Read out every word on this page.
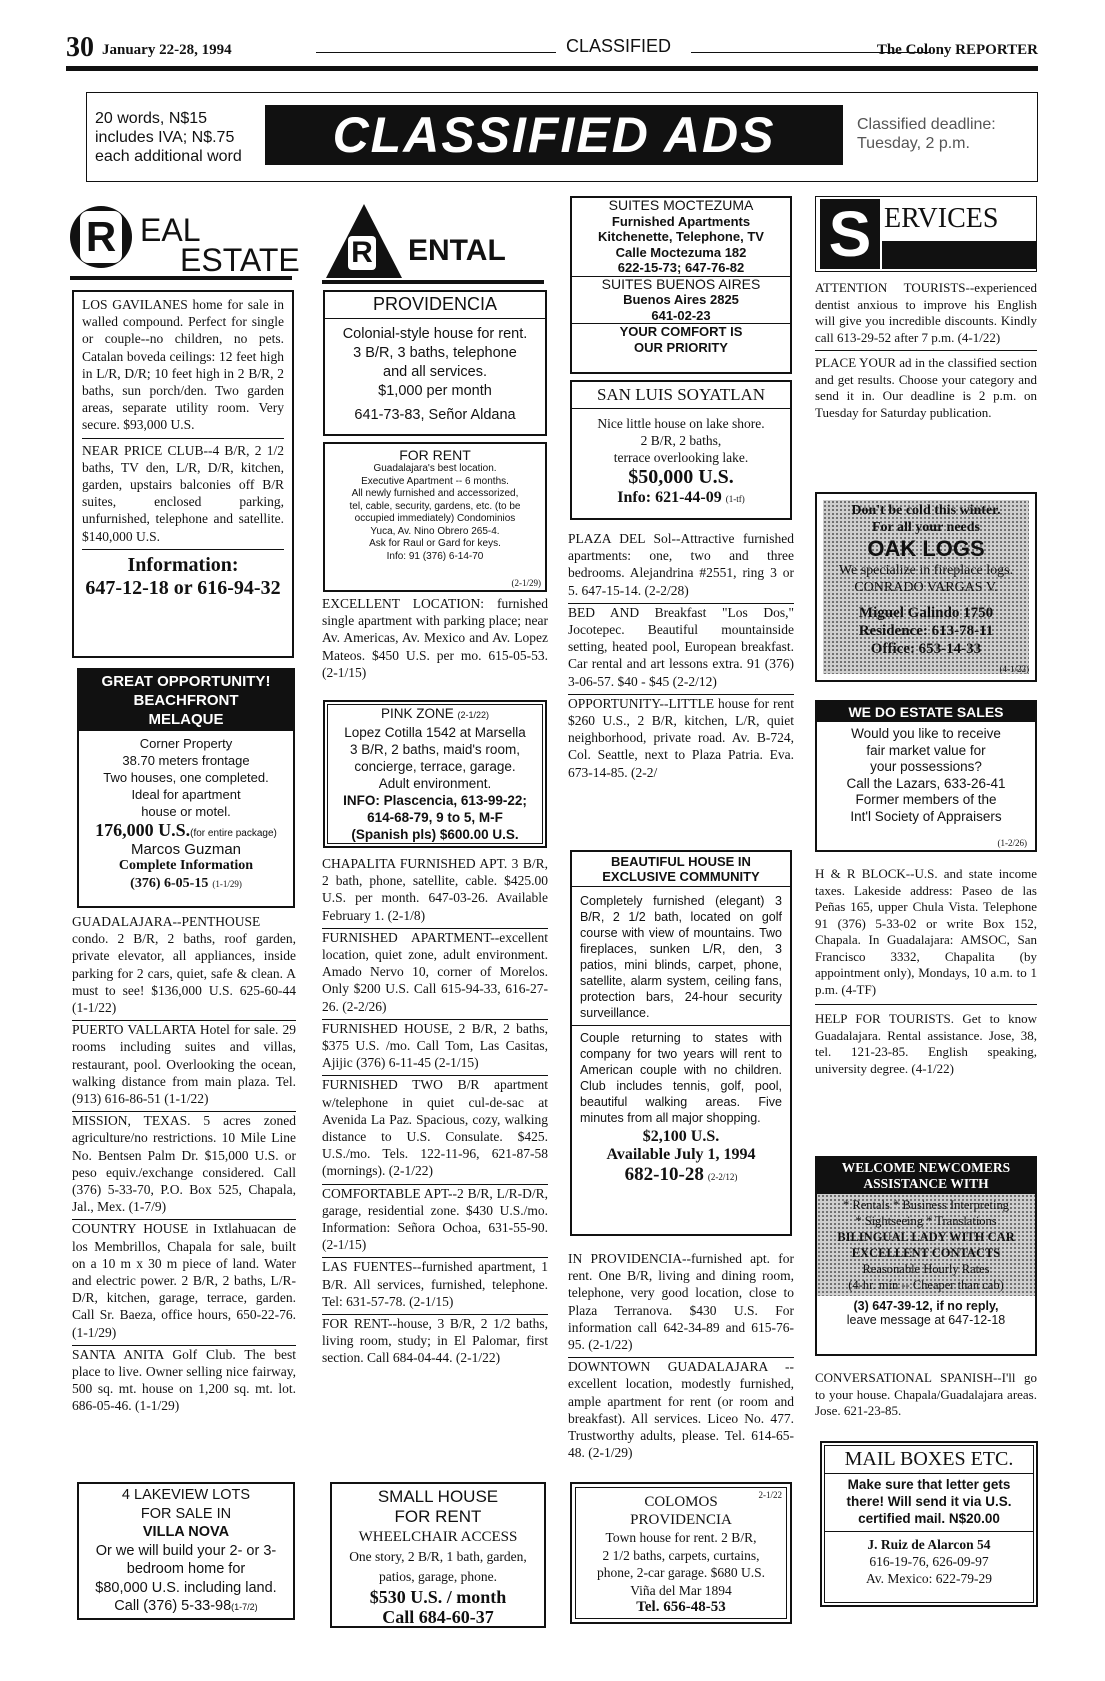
30 January 22-28, 1994	CLASSIFIED	The Colony REPORTER
20 words, N$15
includes IVA; N$.75
each additional word	CLASSIFIED ADS	Classified deadline:
Tuesday, 2 p.m.
R EAL
ESTATE

LOS GAVILANES home for sale in walled compound. Perfect for single or couple--no children, no pets. Catalan boveda ceilings: 12 feet high in L/R, D/R; 10 feet high in 2 B/R, 2 baths, sun porch/den. Two garden areas, separate utility room. Very secure. $93,000 U.S.

NEAR PRICE CLUB--4 B/R, 2 1/2 baths, TV den, L/R, D/R, kitchen, garden, upstairs balconies off B/R suites, enclosed parking, unfurnished, telephone and satellite. $140,000 U.S.

Information:
647-12-18 or 616-94-32
GREAT OPPORTUNITY!
BEACHFRONT
MELAQUE
Corner Property
38.70 meters frontage
Two houses, one completed.
Ideal for apartment
house or motel.
176,000 U.S.(for entire package)
Marcos Guzman
Complete Information
(376) 6-05-15 (1-1/29)

GUADALAJARA--PENTHOUSE condo. 2 B/R, 2 baths, roof garden, private elevator, all appliances, inside parking for 2 cars, quiet, safe & clean. A must to see! $136,000 U.S. 625-60-44 (1-1/22)

PUERTO VALLARTA Hotel for sale. 29 rooms including suites and villas, restaurant, pool. Overlooking the ocean, walking distance from main plaza. Tel. (913) 616-86-51 (1-1/22)

MISSION, TEXAS. 5 acres zoned agriculture/no restrictions. 10 Mile Line No. Bentsen Palm Dr. $15,000 U.S. or peso equiv./exchange considered. Call (376) 5-33-70, P.O. Box 525, Chapala, Jal., Mex. (1-7/9)

COUNTRY HOUSE in Ixtlahuacan de los Membrillos, Chapala for sale, built on a 10 m x 30 m piece of land. Water and electric power. 2 B/R, 2 baths, L/R-D/R, kitchen, garage, terrace, garden. Call Sr. Baeza, office hours, 650-22-76. (1-1/29)

SANTA ANITA Golf Club. The best place to live. Owner selling nice fairway, 500 sq. mt. house on 1,200 sq. mt. lot. 686-05-46. (1-1/29)

4 LAKEVIEW LOTS
FOR SALE IN
VILLA NOVA
Or we will build your 2- or 3-
bedroom home for
$80,000 U.S. including land.
Call (376) 5-33-98(1-7/2)
R ENTAL
PROVIDENCIA
Colonial-style house for rent.
3 B/R, 3 baths, telephone
and all services.
$1,000 per month
641-73-83, Señor Aldana
FOR RENT
Guadalajara's best location.
Executive Apartment -- 6 months.
All newly furnished and accessorized,
tel, cable, security, gardens, etc. (to be
occupied immediately) Condominios
Yuca, Av. Nino Obrero 265-4.
Ask for Raul or Gard for keys.
Info: 91 (376) 6-14-70
(2-1/29)

EXCELLENT LOCATION: furnished single apartment with parking place; near Av. Americas, Av. Mexico and Av. Lopez Mateos. $450 U.S. per mo. 615-05-53. (2-1/15)

PINK ZONE (2-1/22)
Lopez Cotilla 1542 at Marsella
3 B/R, 2 baths, maid's room,
concierge, terrace, garage.
Adult environment.
INFO: Plascencia, 613-99-22;
614-68-79, 9 to 5, M-F
(Spanish pls) $600.00 U.S.

CHAPALITA FURNISHED APT. 3 B/R, 2 bath, phone, satellite, cable. $425.00 U.S. per month. 647-03-26. Available February 1. (2-1/8)

FURNISHED APARTMENT--excellent location, quiet zone, adult environment. Amado Nervo 10, corner of Morelos. Only $200 U.S. Call 615-94-33, 616-27-26. (2-2/26)

FURNISHED HOUSE, 2 B/R, 2 baths, $375 U.S. /mo. Call Tom, Las Casitas, Ajijic (376) 6-11-45 (2-1/15)

FURNISHED TWO B/R apartment w/telephone in quiet cul-de-sac at Avenida La Paz. Spacious, cozy, walking distance to U.S. Consulate. $425. U.S./mo. Tels. 122-11-96, 621-87-58 (mornings). (2-1/22)

COMFORTABLE APT--2 B/R, L/R-D/R, garage, residential zone. $430 U.S./mo. Information: Señora Ochoa, 631-55-90. (2-1/15)

LAS FUENTES--furnished apartment, 1 B/R. All services, furnished, telephone. Tel: 631-57-78. (2-1/15)

FOR RENT--house, 3 B/R, 2 1/2 baths, living room, study; in El Palomar, first section. Call 684-04-44. (2-1/22)

SMALL HOUSE
FOR RENT
WHEELCHAIR ACCESS
One story, 2 B/R, 1 bath, garden,
patios, garage, phone.
$530 U.S. / month
Call 684-60-37
SUITES MOCTEZUMA
Furnished Apartments
Kitchenette, Telephone, TV
Calle Moctezuma 182
622-15-73; 647-76-82
SUITES BUENOS AIRES
Buenos Aires 2825
641-02-23
YOUR COMFORT IS
OUR PRIORITY
SAN LUIS SOYATLAN
Nice little house on lake shore.
2 B/R, 2 baths,
terrace overlooking lake.
$50,000 U.S.
Info: 621-44-09 (1-tf)

PLAZA DEL Sol--Attractive furnished apartments: one, two and three bedrooms. Alejandrina #2551, ring 3 or 5. 647-15-14. (2-2/28)

BED AND Breakfast "Los Dos," Jocotepec. Beautiful mountainside setting, heated pool, European breakfast. Car rental and art lessons extra. 91 (376) 3-06-57. $40 - $45 (2-2/12)

OPPORTUNITY--LITTLE house for rent $260 U.S., 2 B/R, kitchen, L/R, quiet neighborhood, private road. Av. B-724, Col. Seattle, next to Plaza Patria. Eva. 673-14-85. (2-2/

BEAUTIFUL HOUSE IN
EXCLUSIVE COMMUNITY

Completely furnished (elegant) 3 B/R, 2 1/2 bath, located on golf course with view of mountains. Two fireplaces, sunken L/R, den, 3 patios, mini blinds, carpet, phone, satellite, alarm system, ceiling fans, protection bars, 24-hour security surveillance.

Couple returning to states with company for two years will rent to American couple with no children. Club includes tennis, golf, pool, beautiful walking areas. Five minutes from all major shopping.

$2,100 U.S.
Available July 1, 1994
682-10-28 (2-2/12)

IN PROVIDENCIA--furnished apt. for rent. One B/R, living and dining room, telephone, very good location, close to Plaza Terranova. $430 U.S. For information call 642-34-89 and 615-76-95. (2-1/22)

DOWNTOWN GUADALAJARA --excellent location, modestly furnished, ample apartment for rent (or room and breakfast). All services. Liceo No. 477. Trustworthy adults, please. Tel. 614-65-48. (2-1/29)

2-1/22
COLOMOS
PROVIDENCIA
Town house for rent. 2 B/R,
2 1/2 baths, carpets, curtains,
phone, 2-car garage. $680 U.S.
Viña del Mar 1894
Tel. 656-48-53
S ERVICES

ATTENTION TOURISTS--experienced dentist anxious to improve his English will give you incredible discounts. Kindly call 613-29-52 after 7 p.m. (4-1/22)

PLACE YOUR ad in the classified section and get results. Choose your category and send it in. Our deadline is 2 p.m. on Tuesday for Saturday publication.

Don't be cold this winter.
For all your needs
OAK LOGS
We specialize in fireplace logs.
CONRADO VARGAS V.
Miguel Galindo 1750
Residence: 613-78-11
Office: 653-14-33
(4-1/22)
WE DO ESTATE SALES
Would you like to receive
fair market value for
your possessions?
Call the Lazars, 633-26-41
Former members of the
Int'l Society of Appraisers
(1-2/26)

H & R BLOCK--U.S. and state income taxes. Lakeside address: Paseo de las Peñas 165, upper Chula Vista. Telephone 91 (376) 5-33-02 or write Box 152, Chapala. In Guadalajara: AMSOC, San Francisco 3332, Chapalita (by appointment only), Mondays, 10 a.m. to 1 p.m. (4-TF)

HELP FOR TOURISTS. Get to know Guadalajara. Rental assistance. Jose, 38, tel. 121-23-85. English speaking, university degree. (4-1/22)

WELCOME NEWCOMERS
ASSISTANCE WITH
* Rentals * Business Interpreting
* Sightseeing * Translations
BILINGUAL LADY WITH CAR
EXCELLENT CONTACTS
Reasonable Hourly Rates
(4-hr. min -- Cheaper than cab)
(3) 647-39-12, if no reply,
leave message at 647-12-18

CONVERSATIONAL SPANISH--I'll go to your house. Chapala/Guadalajara areas. Jose. 621-23-85.

MAIL BOXES ETC.
Make sure that letter gets
there! Will send it via U.S.
certified mail. N$20.00
J. Ruiz de Alarcon 54
616-19-76, 626-09-97
Av. Mexico: 622-79-29
